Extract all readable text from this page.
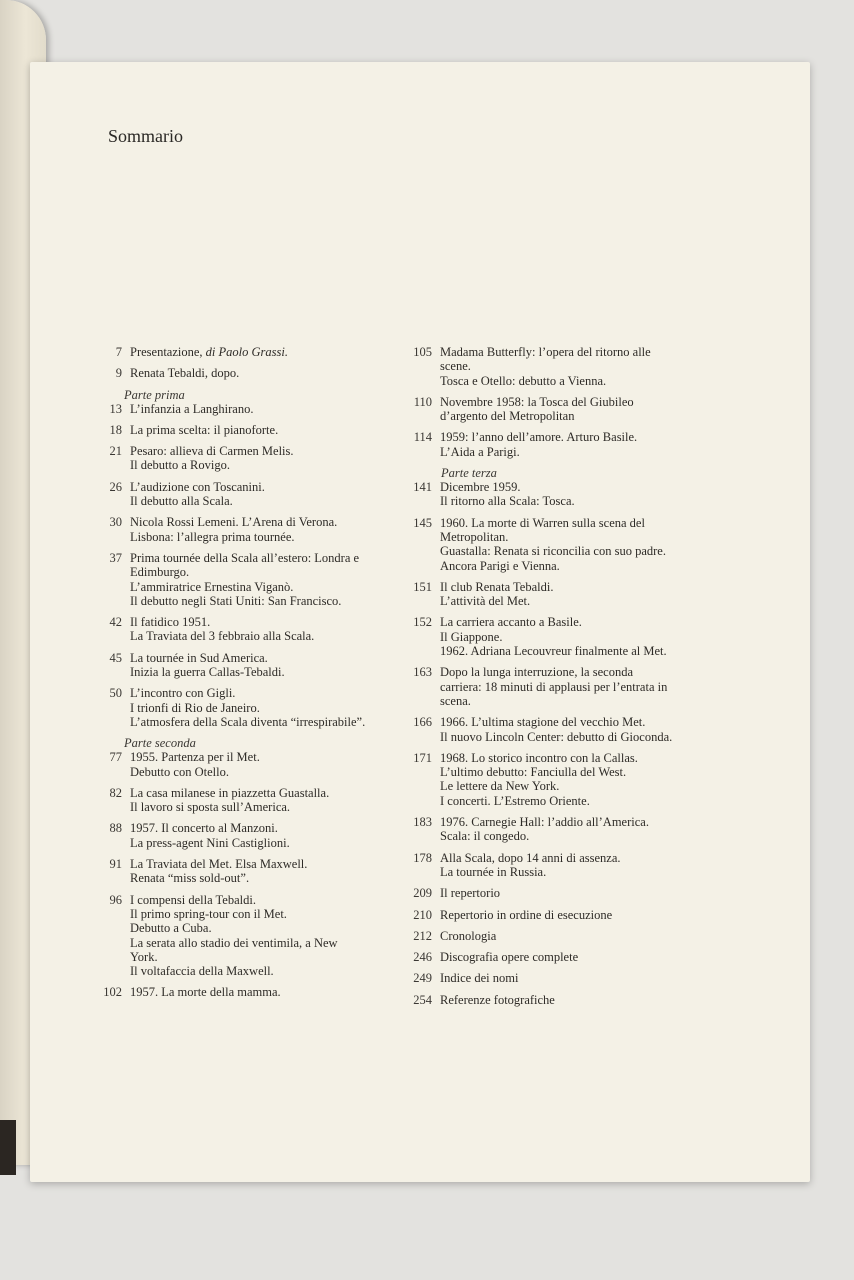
Sommario
7 Presentazione, di Paolo Grassi.
9 Renata Tebaldi, dopo.
Parte prima
13 L’infanzia a Langhirano.
18 La prima scelta: il pianoforte.
21 Pesaro: allieva di Carmen Melis.
Il debutto a Rovigo.
26 L’audizione con Toscanini.
Il debutto alla Scala.
30 Nicola Rossi Lemeni. L’Arena di Verona.
Lisbona: l’allegra prima tournée.
37 Prima tournée della Scala all’estero: Londra e
Edimburgo.
L’ammiratrice Ernestina Viganò.
Il debutto negli Stati Uniti: San Francisco.
42 Il fatidico 1951.
La Traviata del 3 febbraio alla Scala.
45 La tournée in Sud America.
Inizia la guerra Callas-Tebaldi.
50 L’incontro con Gigli.
I trionfi di Rio de Janeiro.
L’atmosfera della Scala diventa “irrespirabile”.
Parte seconda
77 1955. Partenza per il Met.
Debutto con Otello.
82 La casa milanese in piazzetta Guastalla.
Il lavoro si sposta sull’America.
88 1957. Il concerto al Manzoni.
La press-agent Nini Castiglioni.
91 La Traviata del Met. Elsa Maxwell.
Renata “miss sold-out”.
96 I compensi della Tebaldi.
Il primo spring-tour con il Met.
Debutto a Cuba.
La serata allo stadio dei ventimila, a New
York.
Il voltafaccia della Maxwell.
102 1957. La morte della mamma.
105 Madama Butterfly: l’opera del ritorno alle
scene.
Tosca e Otello: debutto a Vienna.
110 Novembre 1958: la Tosca del Giubileo
d’argento del Metropolitan
114 1959: l’anno dell’amore. Arturo Basile.
L’Aida a Parigi.
Parte terza
141 Dicembre 1959.
Il ritorno alla Scala: Tosca.
145 1960. La morte di Warren sulla scena del
Metropolitan.
Guastalla: Renata si riconcilia con suo padre.
Ancora Parigi e Vienna.
151 Il club Renata Tebaldi.
L’attività del Met.
152 La carriera accanto a Basile.
Il Giappone.
1962. Adriana Lecouvreur finalmente al Met.
163 Dopo la lunga interruzione, la seconda
carriera: 18 minuti di applausi per l’entrata in
scena.
166 1966. L’ultima stagione del vecchio Met.
Il nuovo Lincoln Center: debutto di Gioconda.
171 1968. Lo storico incontro con la Callas.
L’ultimo debutto: Fanciulla del West.
Le lettere da New York.
I concerti. L’Estremo Oriente.
183 1976. Carnegie Hall: l’addio all’America.
Scala: il congedo.
178 Alla Scala, dopo 14 anni di assenza.
La tournée in Russia.
209 Il repertorio
210 Repertorio in ordine di esecuzione
212 Cronologia
246 Discografia opere complete
249 Indice dei nomi
254 Referenze fotografiche
